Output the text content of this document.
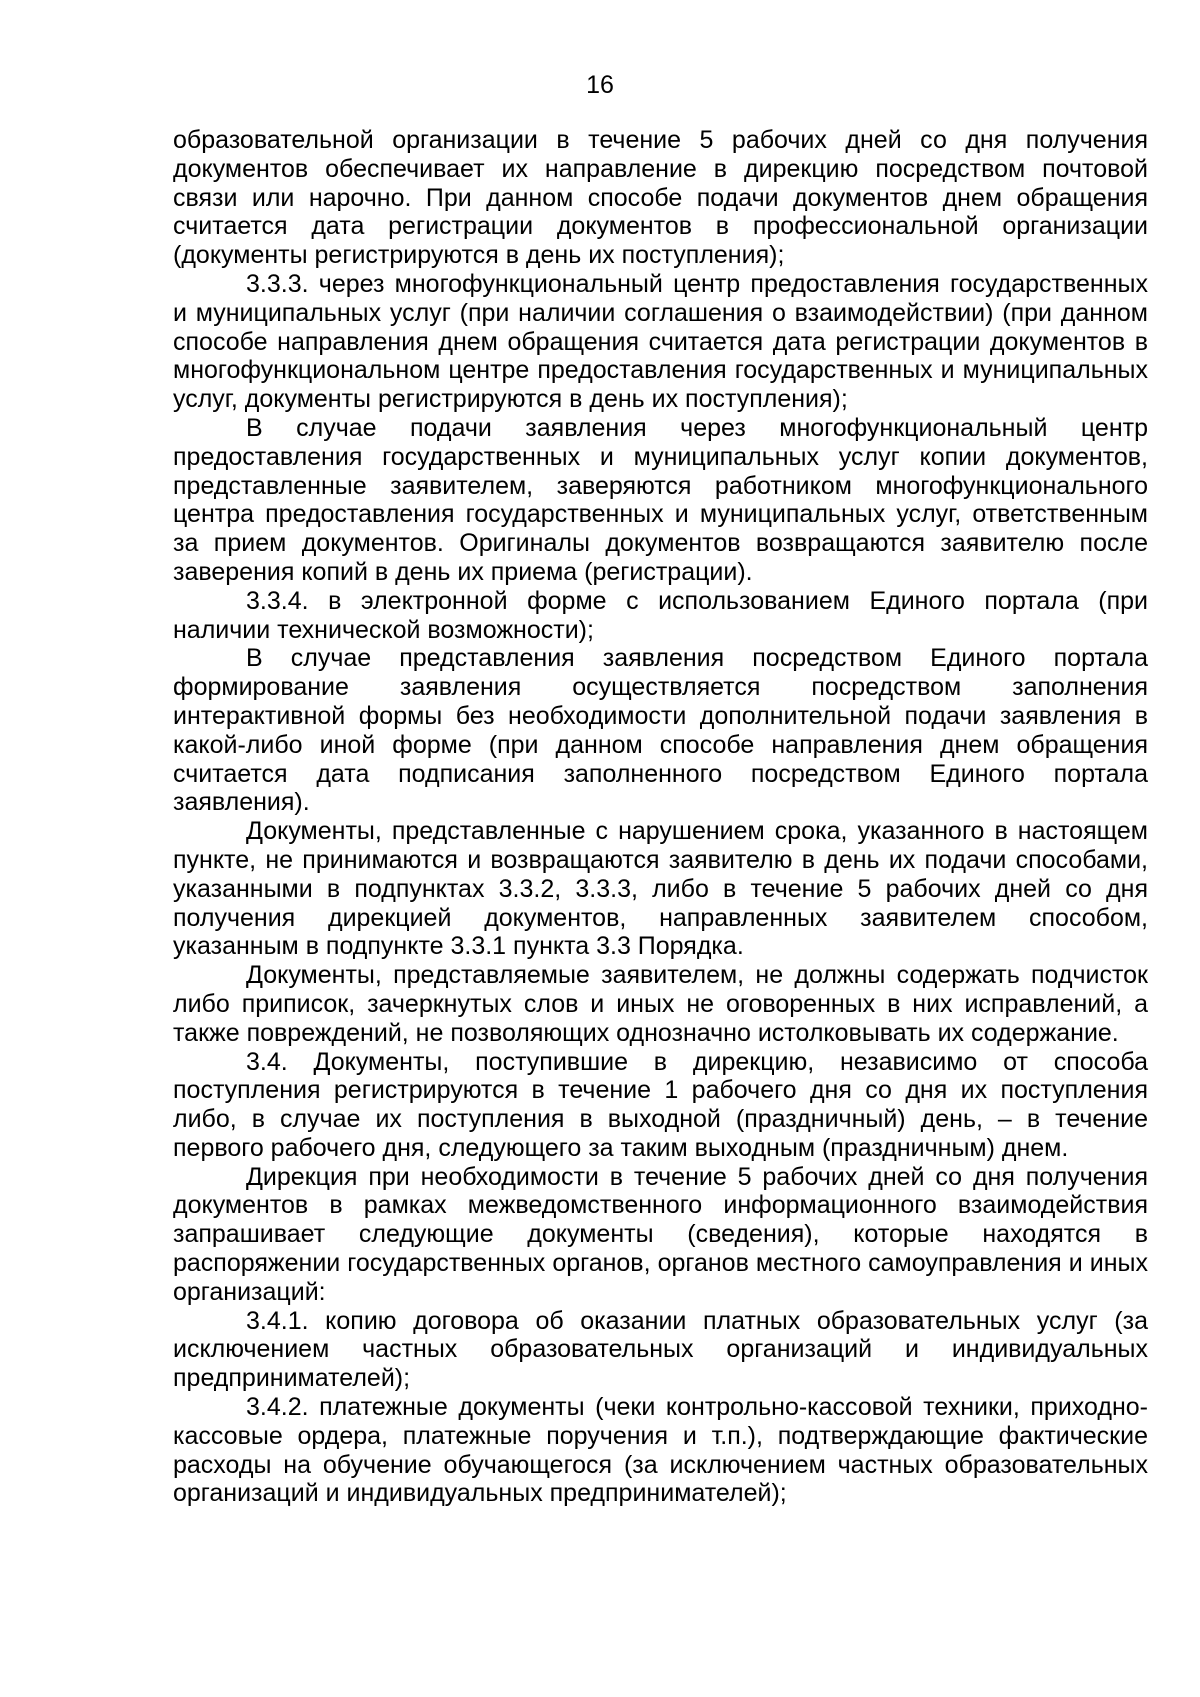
16

образовательной организации в течение 5 рабочих дней со дня получения документов обеспечивает их направление в дирекцию посредством почтовой связи или нарочно. При данном способе подачи документов днем обращения считается дата регистрации документов в профессиональной организации (документы регистрируются в день их поступления);

3.3.3. через многофункциональный центр предоставления государственных и муниципальных услуг (при наличии соглашения о взаимодействии) (при данном способе направления днем обращения считается дата регистрации документов в многофункциональном центре предоставления государственных и муниципальных услуг, документы регистрируются в день их поступления);

В случае подачи заявления через многофункциональный центр предоставления государственных и муниципальных услуг копии документов, представленные заявителем, заверяются работником многофункционального центра предоставления государственных и муниципальных услуг, ответственным за прием документов. Оригиналы документов возвращаются заявителю после заверения копий в день их приема (регистрации).

3.3.4. в электронной форме с использованием Единого портала (при наличии технической возможности);

В случае представления заявления посредством Единого портала формирование заявления осуществляется посредством заполнения интерактивной формы без необходимости дополнительной подачи заявления в какой-либо иной форме (при данном способе направления днем обращения считается дата подписания заполненного посредством Единого портала заявления).

Документы, представленные с нарушением срока, указанного в настоящем пункте, не принимаются и возвращаются заявителю в день их подачи способами, указанными в подпунктах 3.3.2, 3.3.3, либо в течение 5 рабочих дней со дня получения дирекцией документов, направленных заявителем способом, указанным в подпункте 3.3.1 пункта 3.3 Порядка.

Документы, представляемые заявителем, не должны содержать подчисток либо приписок, зачеркнутых слов и иных не оговоренных в них исправлений, а также повреждений, не позволяющих однозначно истолковывать их содержание.

3.4. Документы, поступившие в дирекцию, независимо от способа поступления регистрируются в течение 1 рабочего дня со дня их поступления либо, в случае их поступления в выходной (праздничный) день, – в течение первого рабочего дня, следующего за таким выходным (праздничным) днем.

Дирекция при необходимости в течение 5 рабочих дней со дня получения документов в рамках межведомственного информационного взаимодействия запрашивает следующие документы (сведения), которые находятся в распоряжении государственных органов, органов местного самоуправления и иных организаций:

3.4.1. копию договора об оказании платных образовательных услуг (за исключением частных образовательных организаций и индивидуальных предпринимателей);

3.4.2. платежные документы (чеки контрольно-кассовой техники, приходно-кассовые ордера, платежные поручения и т.п.), подтверждающие фактические расходы на обучение обучающегося (за исключением частных образовательных организаций и индивидуальных предпринимателей);
